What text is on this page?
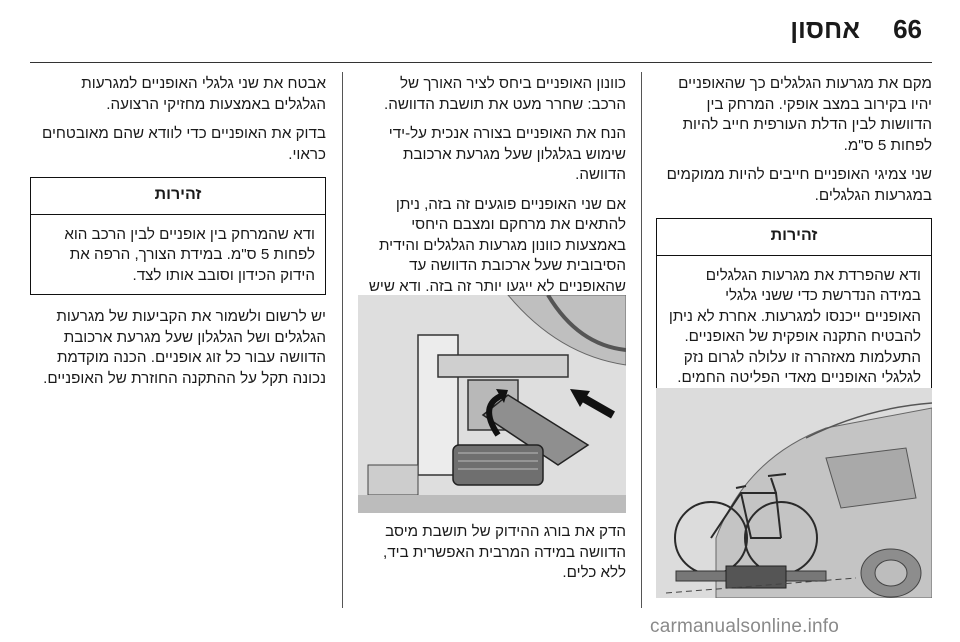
66
אחסון

מקם את מגרעות הגלגלים כך שהאופניים יהיו בקירוב במצב אופקי. המרחק בין הדוושות לבין הדלת העורפית חייב להיות לפחות 5 ס"מ.

שני צמיגי האופניים חייבים להיות ממוקמים במגרעות הגלגלים.

זהירות
ודא שהפרדת את מגרעות הגלגלים במידה הנדרשת כדי ששני גלגלי האופניים ייכנסו למגרעות. אחרת לא ניתן להבטיח התקנה אופקית של האופניים. התעלמות מאזהרה זו עלולה לגרום נזק לגלגלי האופניים מאדי הפליטה החמים.

כוונון האופניים ביחס לציר האורך של הרכב: שחרר מעט את תושבת הדוושה.

הנח את האופניים בצורה אנכית על-ידי שימוש בגלגלון שעל מגרעת ארכובת הדוושה.

אם שני האופניים פוגעים זה בזה, ניתן להתאים את מרחקם ומצבם היחסי באמצעות כוונון מגרעות הגלגלים והידית הסיבובית שעל ארכובת הדוושה עד שהאופניים לא ייגעו יותר זה בזה. ודא שיש

הדק את בורג ההידוק של תושבת מיסב הדוושה במידה המרבית האפשרית ביד, ללא כלים.

אבטח את שני גלגלי האופניים למגרעות הגלגלים באמצעות מחזיקי הרצועה.

בדוק את האופניים כדי לוודא שהם מאובטחים כראוי.

זהירות
ודא שהמרחק בין אופניים לבין הרכב הוא לפחות 5 ס"מ. במידת הצורך, הרפה את הידוק הכידון וסובב אותו לצד.

יש לרשום ולשמור את הקביעות של מגרעות הגלגלים ושל הגלגלון שעל מגרעת ארכובת הדוושה עבור כל זוג אופניים. הכנה מוקדמת נכונה תקל על ההתקנה החוזרת של האופניים.

carmanualsonline.info
